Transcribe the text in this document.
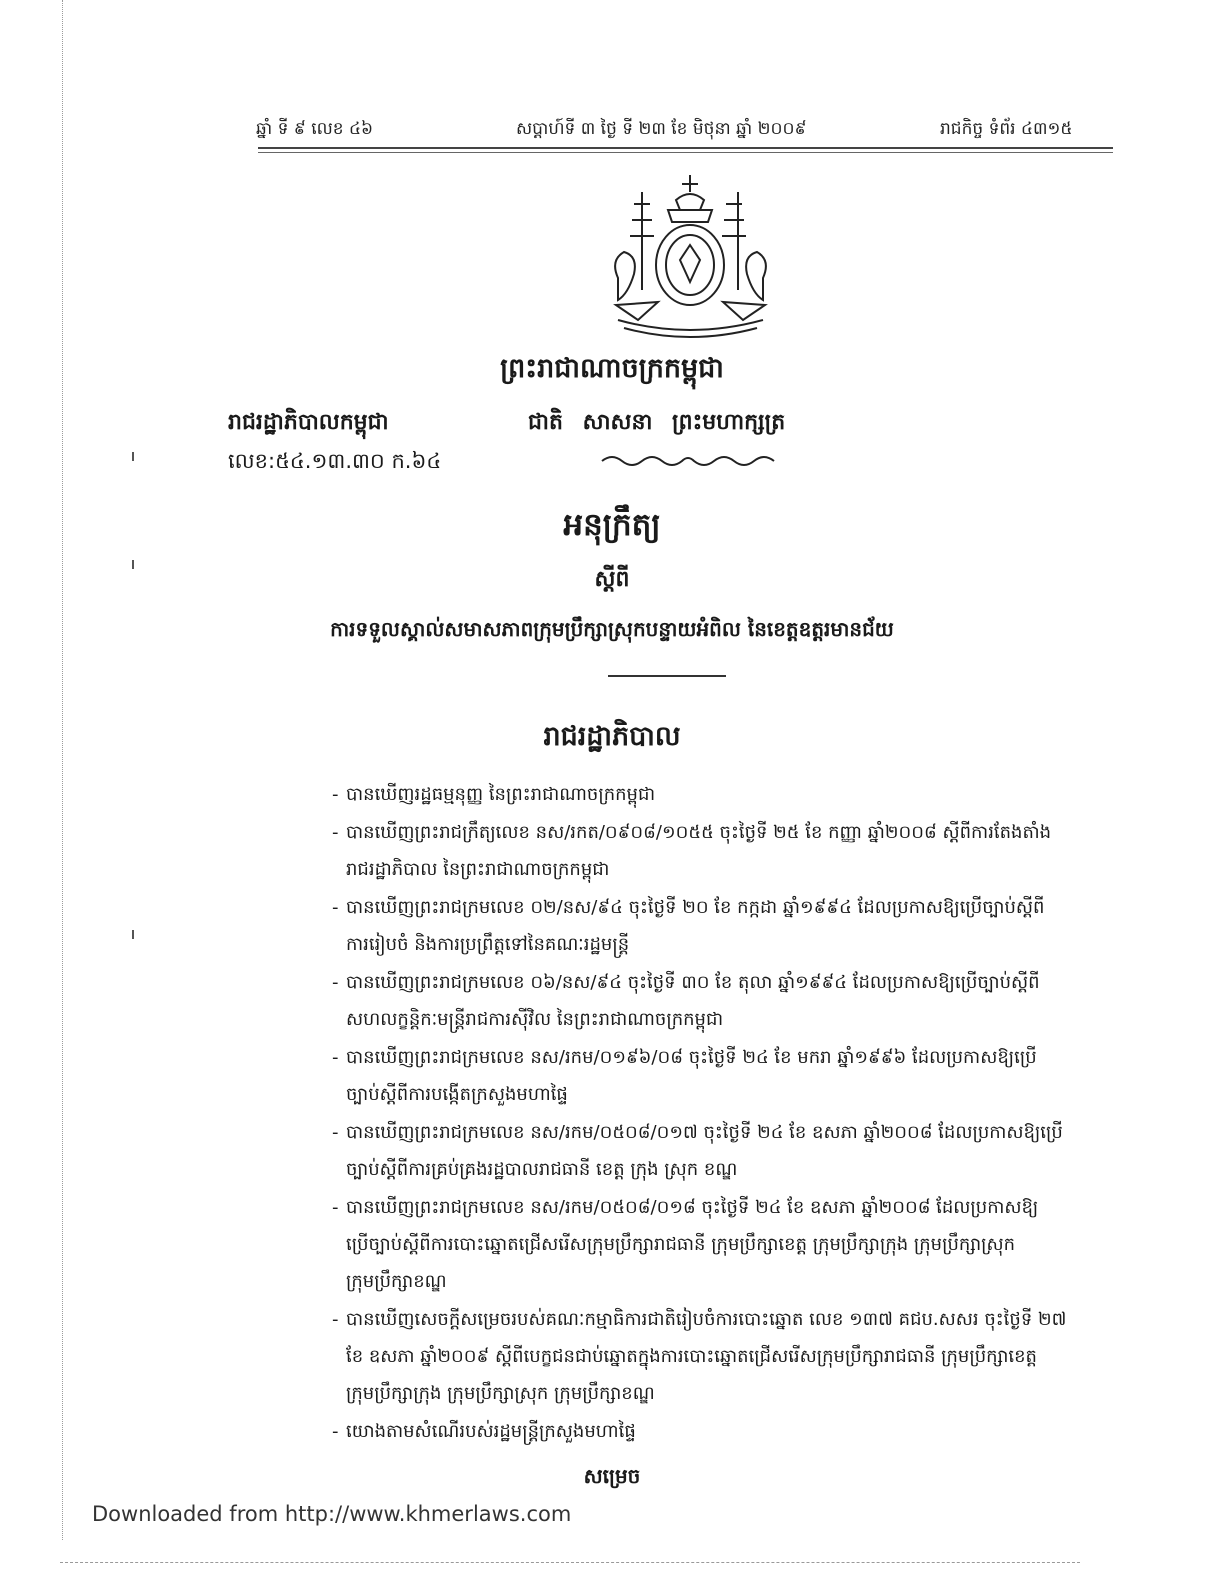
ឆ្នាំ ទី ៩ លេខ ៤៦	សប្តាហ៍ទី ៣ ថ្ងៃ ទី ២៣ ខែ មិថុនា ឆ្នាំ ២០០៩	រាជកិច្ច ទំព័រ ៤៣១៥
ព្រះរាជាណាចក្រកម្ពុជា
រាជរដ្ឋាភិបាលកម្ពុជា	ជាតិ សាសនា ព្រះមហាក្សត្រ
លេខ:៥៤.១៣.៣០ ក.៦៤
អនុក្រឹត្យ
ស្តីពី
ការទទួលស្គាល់សមាសភាពក្រុមប្រឹក្សាស្រុកបន្ទាយអំពិល នៃខេត្តឧត្តរមានជ័យ
រាជរដ្ឋាភិបាល
- បានឃើញរដ្ឋធម្មនុញ្ញ នៃព្រះរាជាណាចក្រកម្ពុជា
- បានឃើញព្រះរាជក្រឹត្យលេខ នស/រកត/០៩០៨/១០៥៥ ចុះថ្ងៃទី ២៥ ខែ កញ្ញា ឆ្នាំ២០០៨ ស្តីពីការតែងតាំង
រាជរដ្ឋាភិបាល នៃព្រះរាជាណាចក្រកម្ពុជា
- បានឃើញព្រះរាជក្រមលេខ ០២/នស/៩៤ ចុះថ្ងៃទី ២០ ខែ កក្កដា ឆ្នាំ១៩៩៤ ដែលប្រកាសឱ្យប្រើច្បាប់ស្តីពី
ការរៀបចំ និងការប្រព្រឹត្តទៅនៃគណៈរដ្ឋមន្ត្រី
- បានឃើញព្រះរាជក្រមលេខ ០៦/នស/៩៤ ចុះថ្ងៃទី ៣០ ខែ តុលា ឆ្នាំ១៩៩៤ ដែលប្រកាសឱ្យប្រើច្បាប់ស្តីពី
សហលក្ខន្តិកៈមន្ត្រីរាជការស៊ីវិល នៃព្រះរាជាណាចក្រកម្ពុជា
- បានឃើញព្រះរាជក្រមលេខ នស/រកម/០១៩៦/០៨ ចុះថ្ងៃទី ២៤ ខែ មករា ឆ្នាំ១៩៩៦ ដែលប្រកាសឱ្យប្រើ
ច្បាប់ស្តីពីការបង្កើតក្រសួងមហាផ្ទៃ
- បានឃើញព្រះរាជក្រមលេខ នស/រកម/០៥០៨/០១៧ ចុះថ្ងៃទី ២៤ ខែ ឧសភា ឆ្នាំ២០០៨ ដែលប្រកាសឱ្យប្រើ
ច្បាប់ស្តីពីការគ្រប់គ្រងរដ្ឋបាលរាជធានី ខេត្ត ក្រុង ស្រុក ខណ្ឌ
- បានឃើញព្រះរាជក្រមលេខ នស/រកម/០៥០៨/០១៨ ចុះថ្ងៃទី ២៤ ខែ ឧសភា ឆ្នាំ២០០៨ ដែលប្រកាសឱ្យ
ប្រើច្បាប់ស្តីពីការបោះឆ្នោតជ្រើសរើសក្រុមប្រឹក្សារាជធានី ក្រុមប្រឹក្សាខេត្ត ក្រុមប្រឹក្សាក្រុង ក្រុមប្រឹក្សាស្រុក
ក្រុមប្រឹក្សាខណ្ឌ
- បានឃើញសេចក្តីសម្រេចរបស់គណៈកម្មាធិការជាតិរៀបចំការបោះឆ្នោត លេខ ១៣៧ គជប.សសរ ចុះថ្ងៃទី ២៧
ខែ ឧសភា ឆ្នាំ២០០៩ ស្តីពីបេក្ខជនជាប់ឆ្នោតក្នុងការបោះឆ្នោតជ្រើសរើសក្រុមប្រឹក្សារាជធានី ក្រុមប្រឹក្សាខេត្ត
ក្រុមប្រឹក្សាក្រុង ក្រុមប្រឹក្សាស្រុក ក្រុមប្រឹក្សាខណ្ឌ
- យោងតាមសំណើរបស់រដ្ឋមន្ត្រីក្រសួងមហាផ្ទៃ
សម្រេច
Downloaded from http://www.khmerlaws.com
